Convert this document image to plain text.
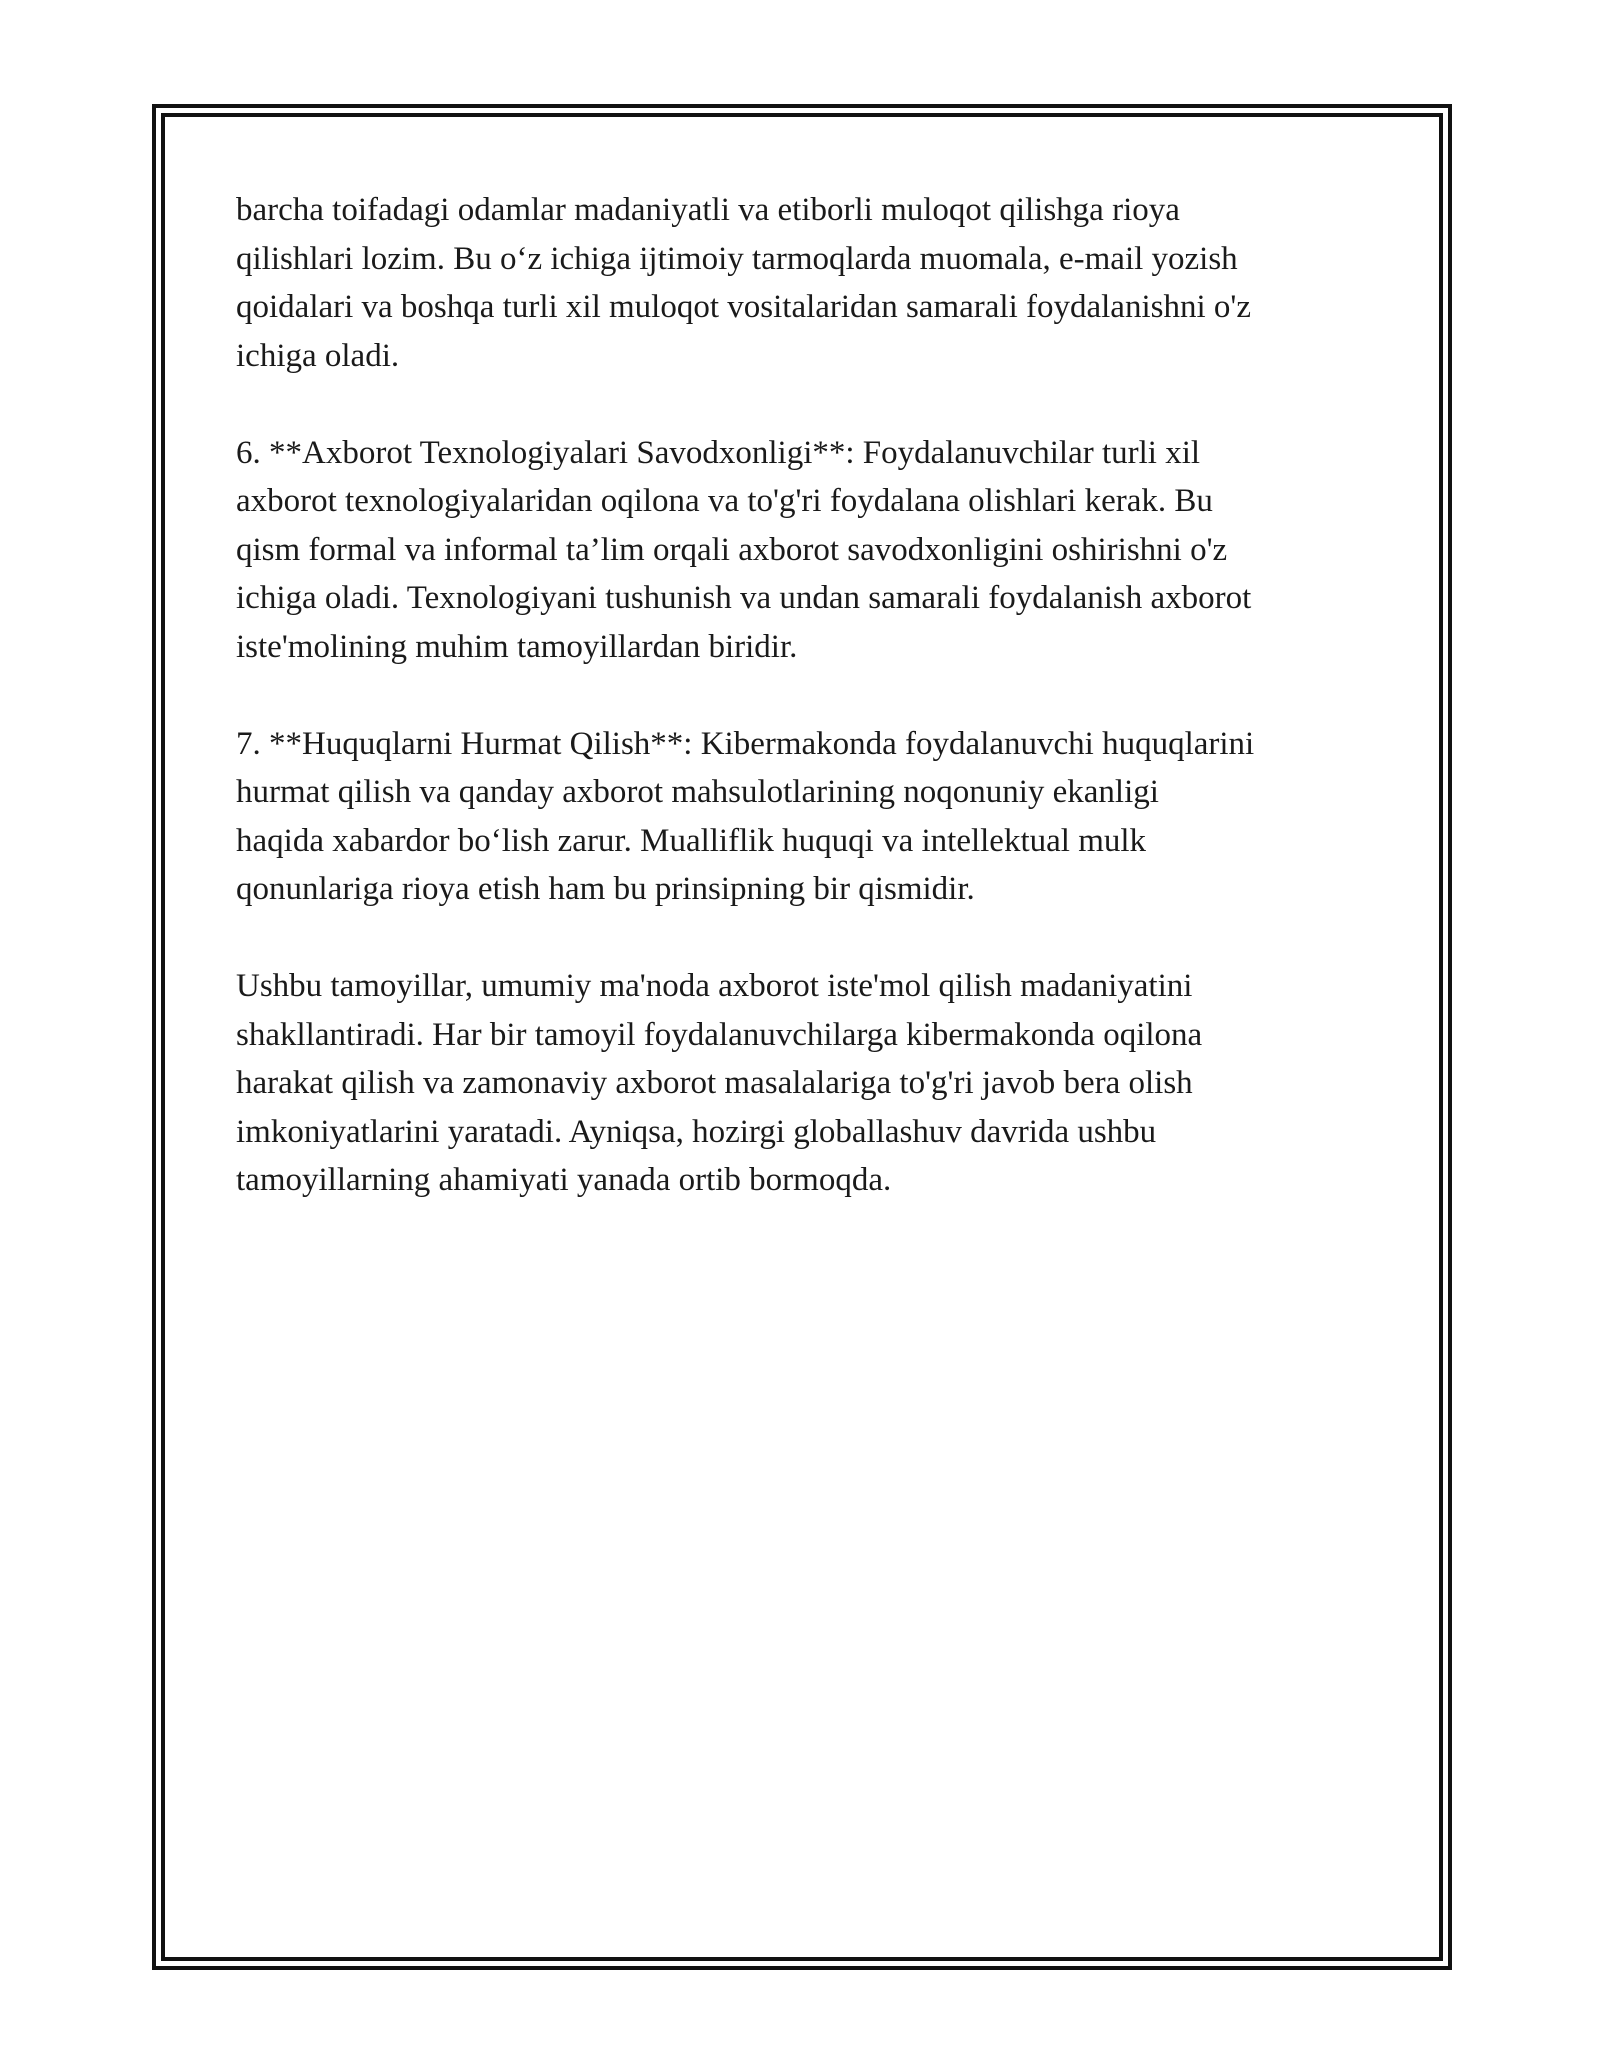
barcha toifadagi odamlar madaniyatli va etiborli muloqot qilishga rioya
qilishlari lozim. Bu o‘z ichiga ijtimoiy tarmoqlarda muomala, e-mail yozish
qoidalari va boshqa turli xil muloqot vositalaridan samarali foydalanishni o'z
ichiga oladi.

6. **Axborot Texnologiyalari Savodxonligi**: Foydalanuvchilar turli xil
axborot texnologiyalaridan oqilona va to'g'ri foydalana olishlari kerak. Bu
qism formal va informal ta’lim orqali axborot savodxonligini oshirishni o'z
ichiga oladi. Texnologiyani tushunish va undan samarali foydalanish axborot
iste'molining muhim tamoyillardan biridir.

7. **Huquqlarni Hurmat Qilish**: Kibermakonda foydalanuvchi huquqlarini
hurmat qilish va qanday axborot mahsulotlarining noqonuniy ekanligi
haqida xabardor bo‘lish zarur. Mualliflik huquqi va intellektual mulk
qonunlariga rioya etish ham bu prinsipning bir qismidir.

Ushbu tamoyillar, umumiy ma'noda axborot iste'mol qilish madaniyatini
shakllantiradi. Har bir tamoyil foydalanuvchilarga kibermakonda oqilona
harakat qilish va zamonaviy axborot masalalariga to'g'ri javob bera olish
imkoniyatlarini yaratadi. Ayniqsa, hozirgi globallashuv davrida ushbu
tamoyillarning ahamiyati yanada ortib bormoqda.
